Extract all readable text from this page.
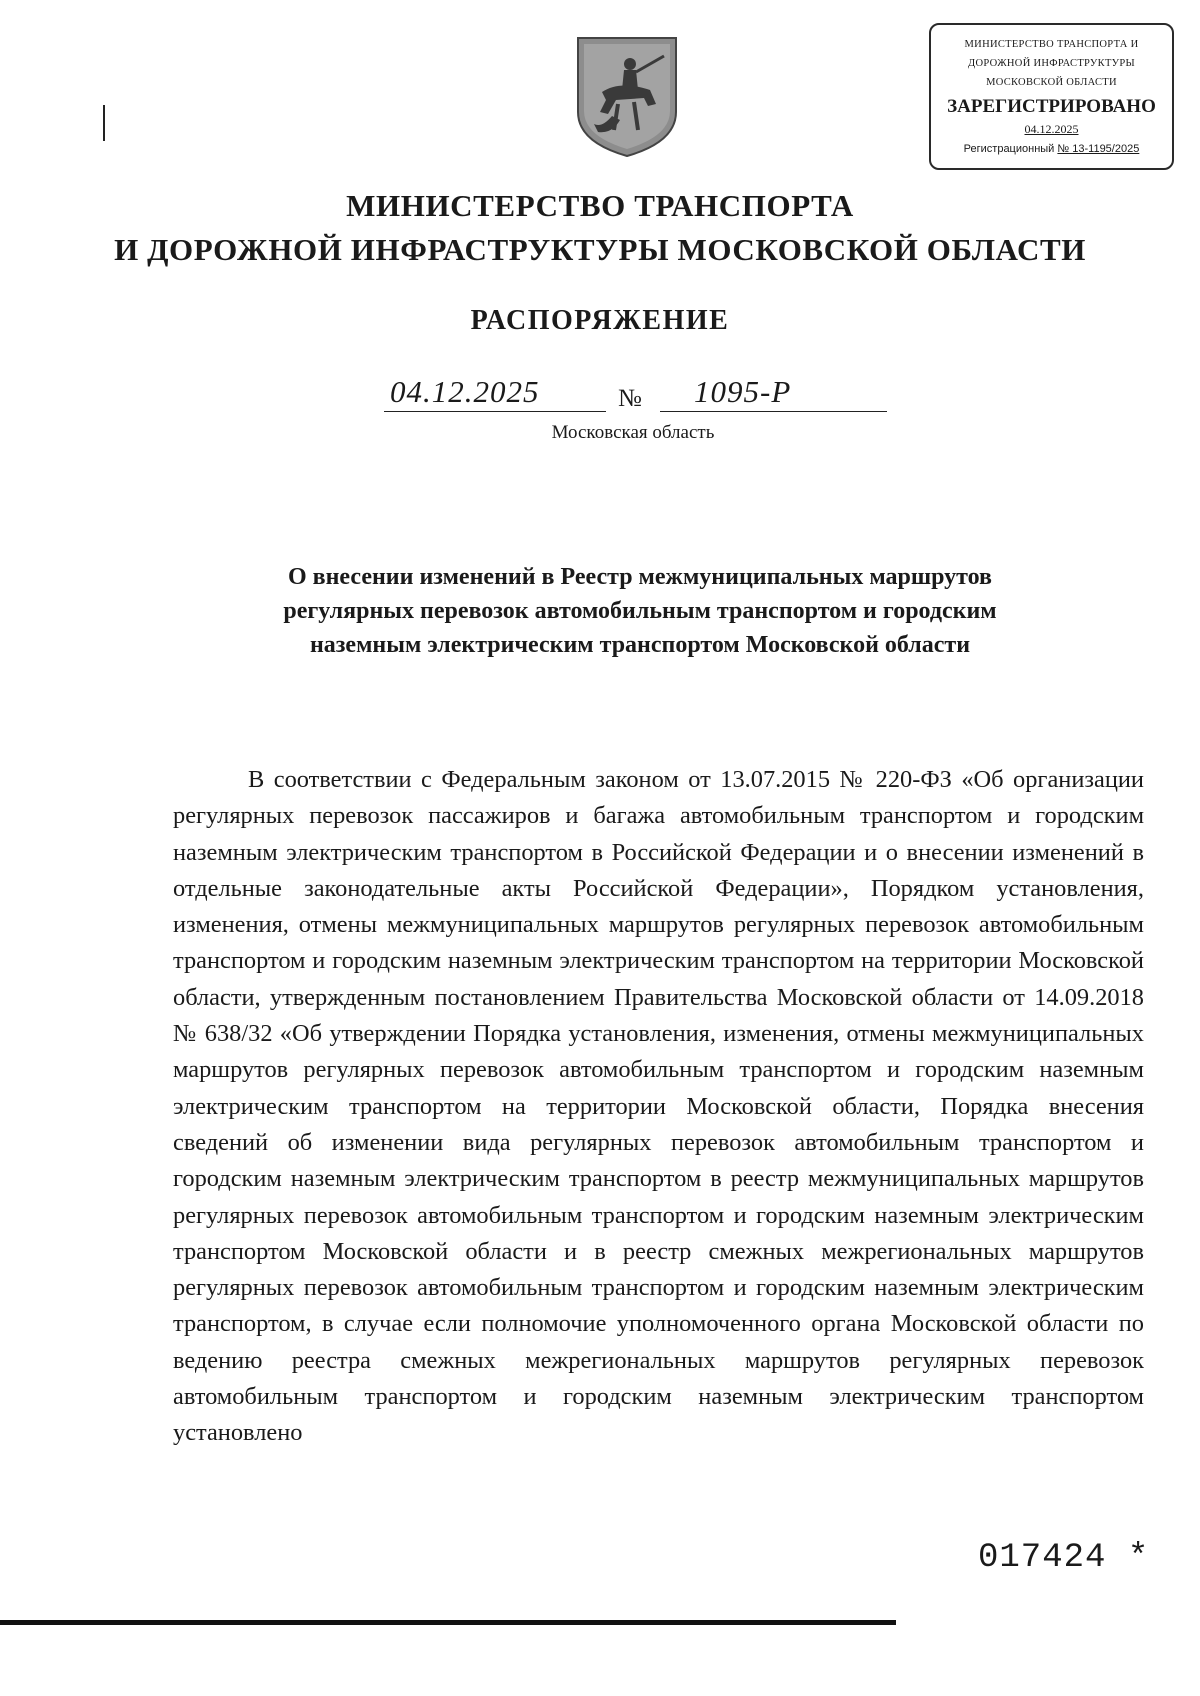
МИНИСТЕРСТВО ТРАНСПОРТА И
ДОРОЖНОЙ ИНФРАСТРУКТУРЫ
МОСКОВСКОЙ ОБЛАСТИ
ЗАРЕГИСТРИРОВАНО
04.12.2025
Регистрационный № 13-1195/2025
МИНИСТЕРСТВО ТРАНСПОРТА
И ДОРОЖНОЙ ИНФРАСТРУКТУРЫ МОСКОВСКОЙ ОБЛАСТИ
РАСПОРЯЖЕНИЕ
04.12.2025	№ 1095-Р
Московская область
О внесении изменений в Реестр межмуниципальных маршрутов
регулярных перевозок автомобильным транспортом и городским
наземным электрическим транспортом Московской области

В соответствии с Федеральным законом от 13.07.2015 № 220-ФЗ «Об организации регулярных перевозок пассажиров и багажа автомобильным транспортом и городским наземным электрическим транспортом в Российской Федерации и о внесении изменений в отдельные законодательные акты Российской Федерации», Порядком установления, изменения, отмены межмуниципальных маршрутов регулярных перевозок автомобильным транспортом и городским наземным электрическим транспортом на территории Московской области, утвержденным постановлением Правительства Московской области от 14.09.2018 № 638/32 «Об утверждении Порядка установления, изменения, отмены межмуниципальных маршрутов регулярных перевозок автомобильным транспортом и городским наземным электрическим транспортом на территории Московской области, Порядка внесения сведений об изменении вида регулярных перевозок автомобильным транспортом и городским наземным электрическим транспортом в реестр межмуниципальных маршрутов регулярных перевозок автомобильным транспортом и городским наземным электрическим транспортом Московской области и в реестр смежных межрегиональных маршрутов регулярных перевозок автомобильным транспортом и городским наземным электрическим транспортом, в случае если полномочие уполномоченного органа Московской области по ведению реестра смежных межрегиональных маршрутов регулярных перевозок автомобильным транспортом и городским наземным электрическим транспортом установлено

017424 *
